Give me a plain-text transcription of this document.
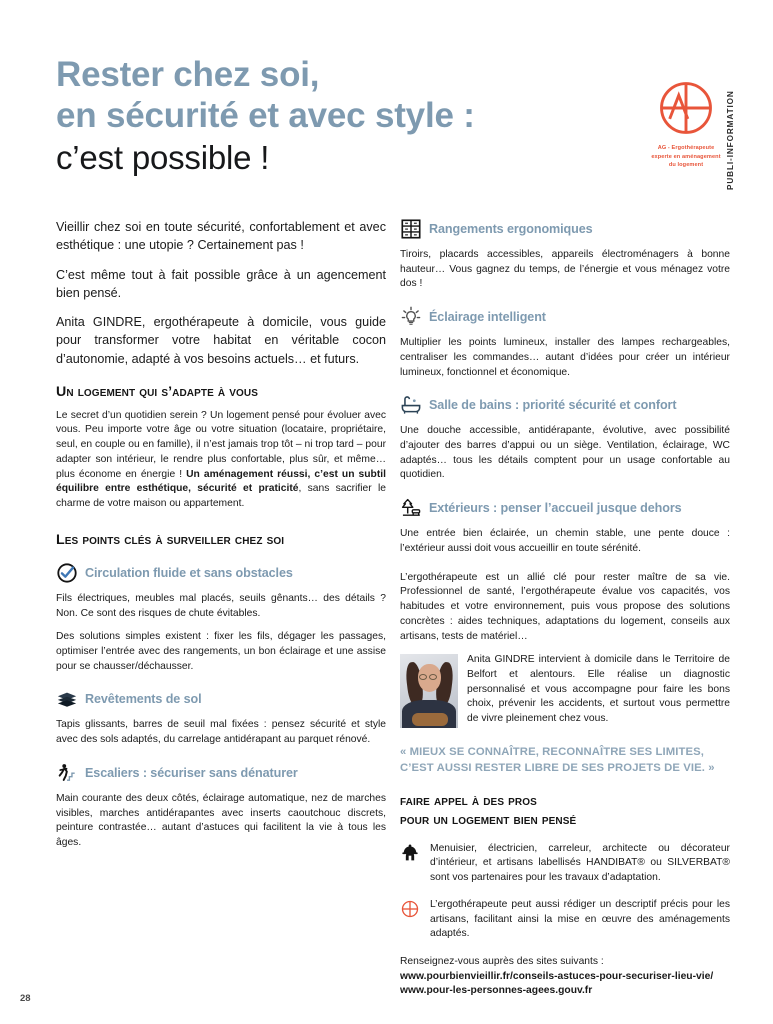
Rester chez soi,
en sécurité et avec style :
c’est possible !	AG - Ergothérapeute
experte en aménagement
du logement	PUBLI-INFORMATION

Vieillir chez soi en toute sécurité, confortablement et avec esthétique : une utopie ? Certainement pas !

C’est même tout à fait possible grâce à un agencement bien pensé.

Anita GINDRE, ergothérapeute à domicile, vous guide pour transformer votre habitat en véritable cocon d’autonomie, adapté à vos besoins actuels… et futurs.

Un logement qui s’adapte à vous

Le secret d’un quotidien serein ? Un logement pensé pour évoluer avec vous. Peu importe votre âge ou votre situation (locataire, propriétaire, seul, en couple ou en famille), il n’est jamais trop tôt – ni trop tard – pour adapter son intérieur, le rendre plus confortable, plus sûr, et même… plus économe en énergie ! Un aménagement réussi, c’est un subtil équilibre entre esthétique, sécurité et praticité, sans sacrifier le charme de votre maison ou appartement.

Les points clés à surveiller chez soi
Circulation fluide et sans obstacles

Fils électriques, meubles mal placés, seuils gênants… des détails ? Non. Ce sont des risques de chute évitables.

Des solutions simples existent : fixer les fils, dégager les passages, optimiser l’entrée avec des rangements, un bon éclairage et une assise pour se chausser/déchausser.

Revêtements de sol

Tapis glissants, barres de seuil mal fixées : pensez sécurité et style avec des sols adaptés, du carrelage antidérapant au parquet rénové.

Escaliers : sécuriser sans dénaturer

Main courante des deux côtés, éclairage automatique, nez de marches visibles, marches antidérapantes avec inserts caoutchouc discrets, peinture contrastée… autant d’astuces qui facilitent la vie à tous les âges.

Rangements ergonomiques

Tiroirs, placards accessibles, appareils électroménagers à bonne hauteur… Vous gagnez du temps, de l’énergie et vous ménagez votre dos !

Éclairage intelligent

Multiplier les points lumineux, installer des lampes rechargeables, centraliser les commandes… autant d’idées pour créer un intérieur lumineux, fonctionnel et économique.

Salle de bains : priorité sécurité et confort

Une douche accessible, antidérapante, évolutive, avec possibilité d’ajouter des barres d’appui ou un siège. Ventilation, éclairage, WC adaptés… tous les détails comptent pour un usage confortable au quotidien.

Extérieurs : penser l’accueil jusque dehors

Une entrée bien éclairée, un chemin stable, une pente douce : l’extérieur aussi doit vous accueillir en toute sérénité.

L’ergothérapeute est un allié clé pour rester maître de sa vie. Professionnel de santé, l’ergothérapeute évalue vos capacités, vos habitudes et votre environnement, puis vous propose des solutions concrètes : aides techniques, adaptations du logement, conseils aux artisans, tests de matériel…

Anita GINDRE intervient à domicile dans le Territoire de Belfort et alentours. Elle réalise un diagnostic personnalisé et vous accompagne pour faire les bons choix, prévenir les accidents, et surtout vous permettre de vivre pleinement chez vous.
« MIEUX SE CONNAÎTRE, RECONNAÎTRE SES LIMITES,
C’EST AUSSI RESTER LIBRE DE SES PROJETS DE VIE. »
faire appel à des pros
pour un logement bien pensé
Menuisier, électricien, carreleur, architecte ou décorateur d’intérieur, et artisans labellisés HANDIBAT® ou SILVERBAT® sont vos partenaires pour les travaux d’adaptation.
L’ergothérapeute peut aussi rédiger un descriptif précis pour les artisans, facilitant ainsi la mise en œuvre des aménagements adaptés.
Renseignez-vous auprès des sites suivants :
www.pourbienvieillir.fr/conseils-astuces-pour-securiser-lieu-vie/
www.pour-les-personnes-agees.gouv.fr
28
